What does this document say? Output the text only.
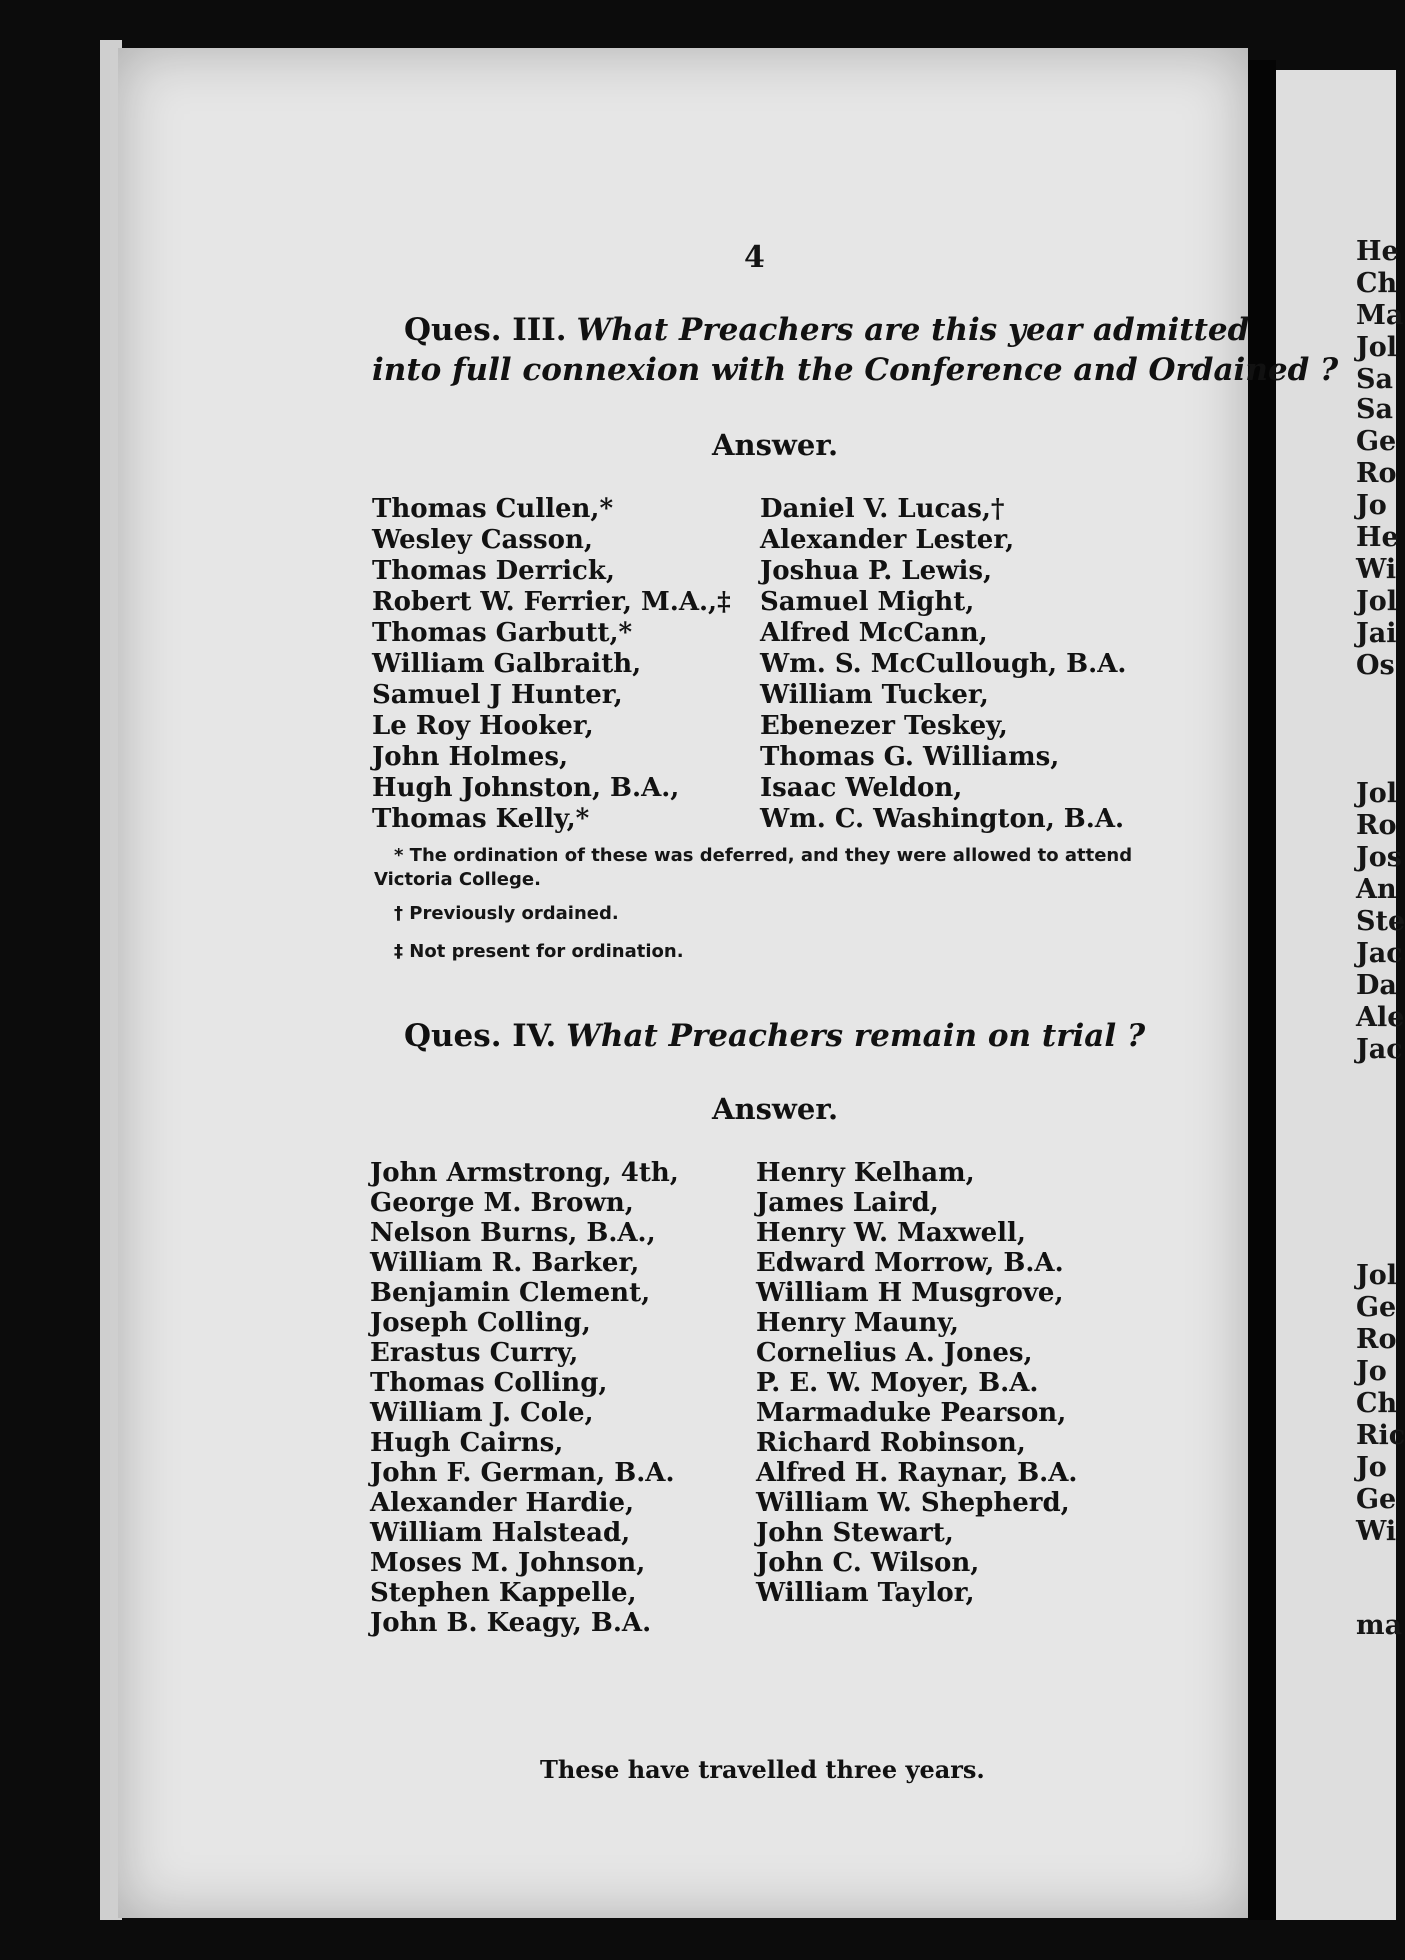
He
Ch
Ma
Jol
Sa
Sa
Ge
Ro
Jo
He
Wi
Jol
Jai
Os
Jol
Ro
Jos
An
Ste
Jac
Da
Ale
Jac
Jol
Ge
Ro
Jo
Ch
Ric
Jo
Ge
Wi
ma
4
Ques. III. What Preachers are this year admitted
into full connexion with the Conference and Ordained ?
Answer.
Thomas Cullen,*
Wesley Casson,
Thomas Derrick,
Robert W. Ferrier, M.A.,‡
Thomas Garbutt,*
William Galbraith,
Samuel J Hunter,
Le Roy Hooker,
John Holmes,
Hugh Johnston, B.A.,
Thomas Kelly,*
Daniel V. Lucas,†
Alexander Lester,
Joshua P. Lewis,
Samuel Might,
Alfred McCann,
Wm. S. McCullough, B.A.
William Tucker,
Ebenezer Teskey,
Thomas G. Williams,
Isaac Weldon,
Wm. C. Washington, B.A.
* The ordination of these was deferred, and they were allowed to attend
Victoria College.
† Previously ordained.
‡ Not present for ordination.
Ques. IV. What Preachers remain on trial ?
Answer.
John Armstrong, 4th,
George M. Brown,
Nelson Burns, B.A.,
William R. Barker,
Benjamin Clement,
Joseph Colling,
Erastus Curry,
Thomas Colling,
William J. Cole,
Hugh Cairns,
John F. German, B.A.
Alexander Hardie,
William Halstead,
Moses M. Johnson,
Stephen Kappelle,
John B. Keagy, B.A.
Henry Kelham,
James Laird,
Henry W. Maxwell,
Edward Morrow, B.A.
William H Musgrove,
Henry Mauny,
Cornelius A. Jones,
P. E. W. Moyer, B.A.
Marmaduke Pearson,
Richard Robinson,
Alfred H. Raynar, B.A.
William W. Shepherd,
John Stewart,
John C. Wilson,
William Taylor,
These have travelled three years.
